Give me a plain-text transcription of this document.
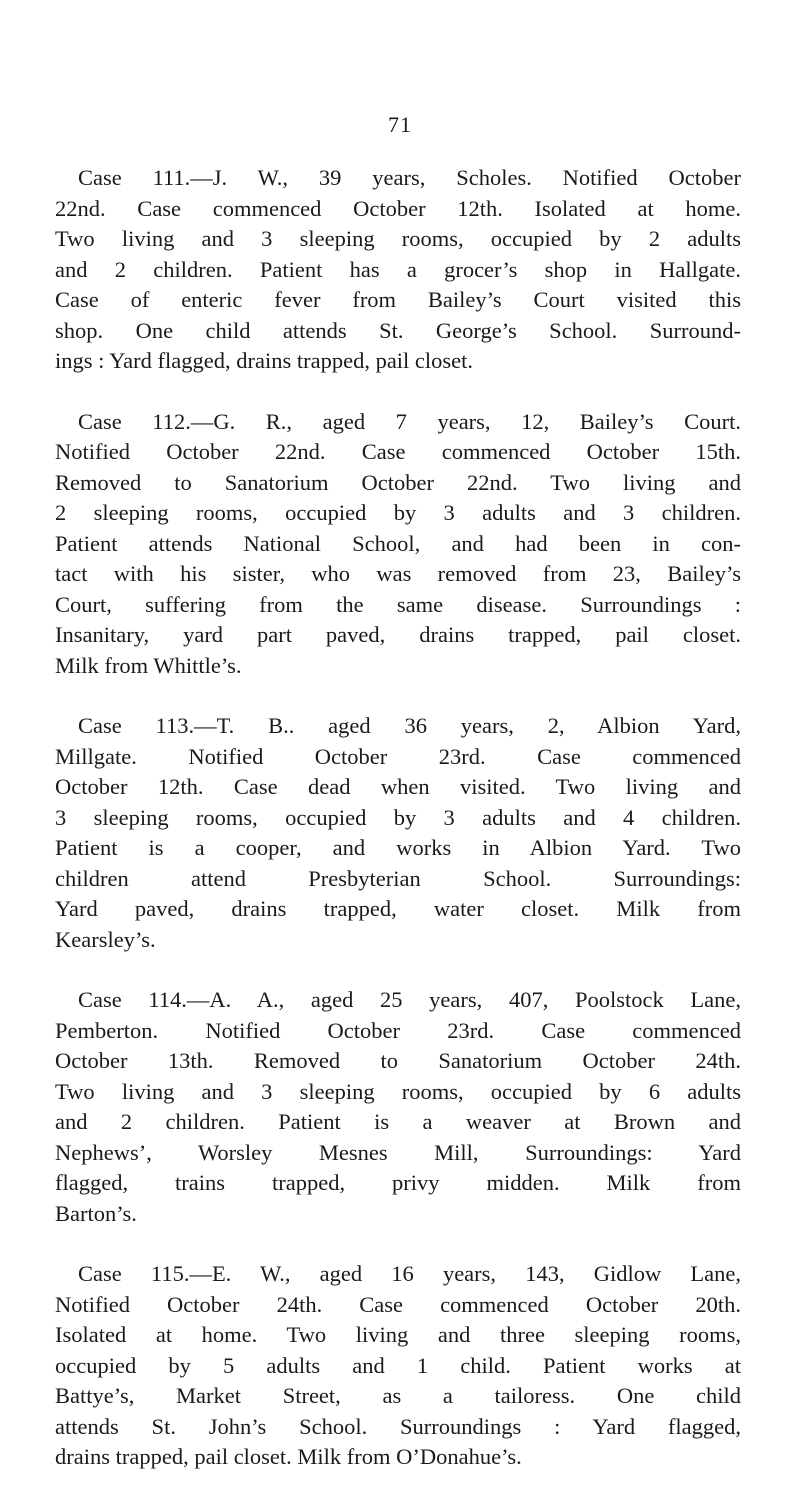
71
Case 111.—J. W., 39 years, Scholes. Notified October
22nd. Case commenced October 12th. Isolated at home.
Two living and 3 sleeping rooms, occupied by 2 adults
and 2 children. Patient has a grocer’s shop in Hallgate.
Case of enteric fever from Bailey’s Court visited this
shop. One child attends St. George’s School. Surround-
ings : Yard flagged, drains trapped, pail closet.
Case 112.—G. R., aged 7 years, 12, Bailey’s Court.
Notified October 22nd. Case commenced October 15th.
Removed to Sanatorium October 22nd. Two living and
2 sleeping rooms, occupied by 3 adults and 3 children.
Patient attends National School, and had been in con-
tact with his sister, who was removed from 23, Bailey’s
Court, suffering from the same disease. Surroundings :
Insanitary, yard part paved, drains trapped, pail closet.
Milk from Whittle’s.
Case 113.—T. B.. aged 36 years, 2, Albion Yard,
Millgate. Notified October 23rd. Case commenced
October 12th. Case dead when visited. Two living and
3 sleeping rooms, occupied by 3 adults and 4 children.
Patient is a cooper, and works in Albion Yard. Two
children attend Presbyterian School. Surroundings:
Yard paved, drains trapped, water closet. Milk from
Kearsley’s.
Case 114.—A. A., aged 25 years, 407, Poolstock Lane,
Pemberton. Notified October 23rd. Case commenced
October 13th. Removed to Sanatorium October 24th.
Two living and 3 sleeping rooms, occupied by 6 adults
and 2 children. Patient is a weaver at Brown and
Nephews’, Worsley Mesnes Mill, Surroundings: Yard
flagged, trains trapped, privy midden. Milk from
Barton’s.
Case 115.—E. W., aged 16 years, 143, Gidlow Lane,
Notified October 24th. Case commenced October 20th.
Isolated at home. Two living and three sleeping rooms,
occupied by 5 adults and 1 child. Patient works at
Battye’s, Market Street, as a tailoress. One child
attends St. John’s School. Surroundings : Yard flagged,
drains trapped, pail closet. Milk from O’Donahue’s.
